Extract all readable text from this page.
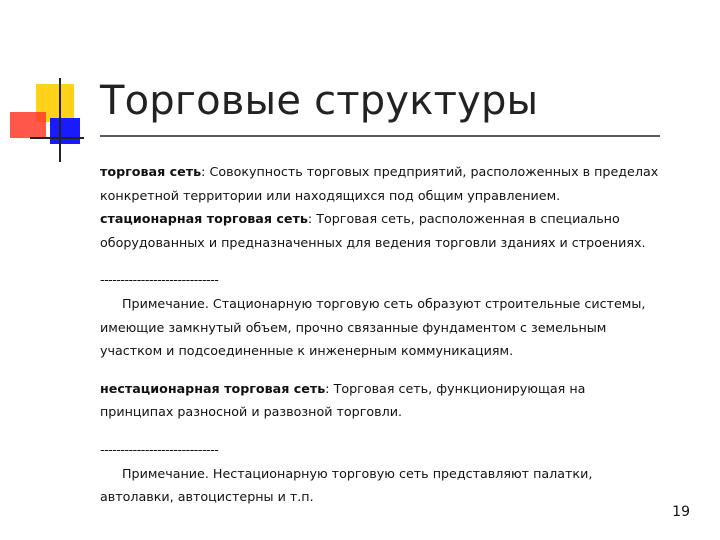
Торговые структуры

торговая сеть: Совокупность торговых предприятий, расположенных в пределах конкретной территории или находящихся под общим управлением.

стационарная торговая сеть: Торговая сеть, расположенная в специально оборудованных и предназначенных для ведения торговли зданиях и строениях.

-----------------------------

Примечание. Стационарную торговую сеть образуют строительные системы, имеющие замкнутый объем, прочно связанные фундаментом с земельным участком и подсоединенные к инженерным коммуникациям.

нестационарная торговая сеть: Торговая сеть, функционирующая на принципах разносной и развозной торговли.

-----------------------------

Примечание. Нестационарную торговую сеть представляют палатки, автолавки, автоцистерны и т.п.

19
